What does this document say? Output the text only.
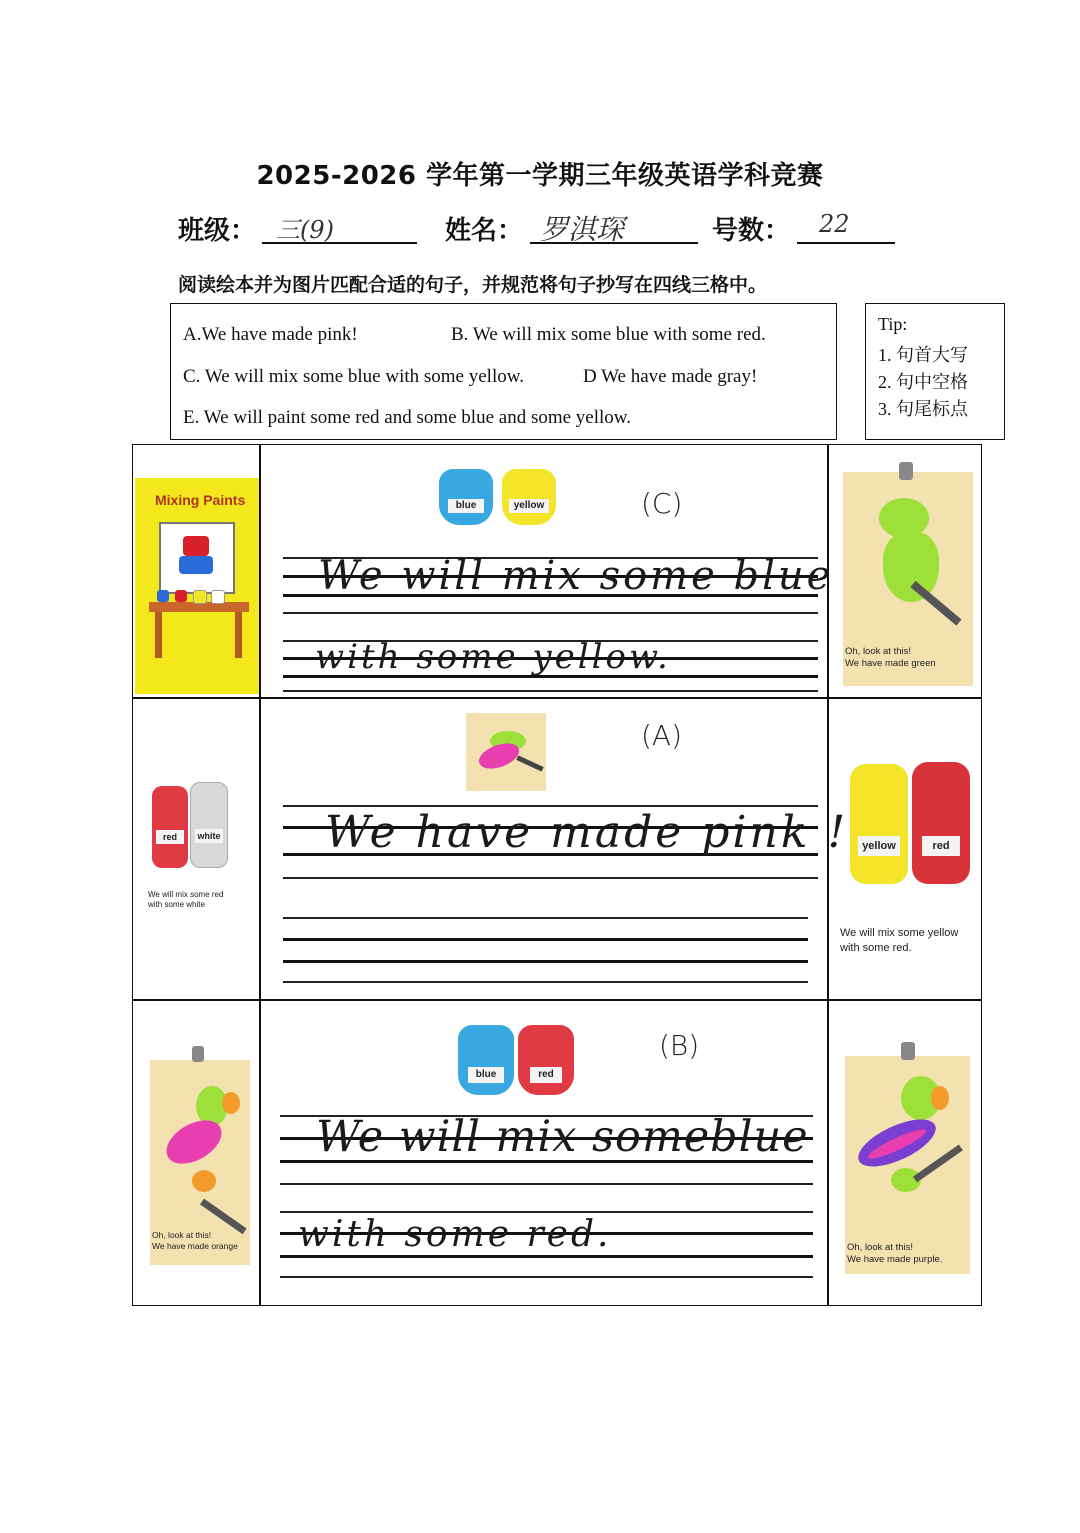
2025-2026 学年第一学期三年级英语学科竞赛
班级： 三(9)	姓名： 罗淇琛	号数： 22
阅读绘本并为图片匹配合适的句子，并规范将句子抄写在四线三格中。
A.We have made pink!	B. We will mix some blue with some red.
C. We will mix some blue with some yellow.	D We have made gray!
E. We will paint some red and some blue and some yellow.
Tip:
1. 句首大写
2. 句中空格
3. 句尾标点
Mixing Paints	blue	yellow	(C)
We will mix some blue
with some yellow.	Oh, look at this!
We have made green
red	white
We will mix some red
with some white
(A)
We have made pink !	yellow	red
We will mix some yellow
with some red.
Oh, look at this!
We have made orange
blue	red
(B)
We will mix someblue
with some red.	Oh, look at this!
We have made purple.
